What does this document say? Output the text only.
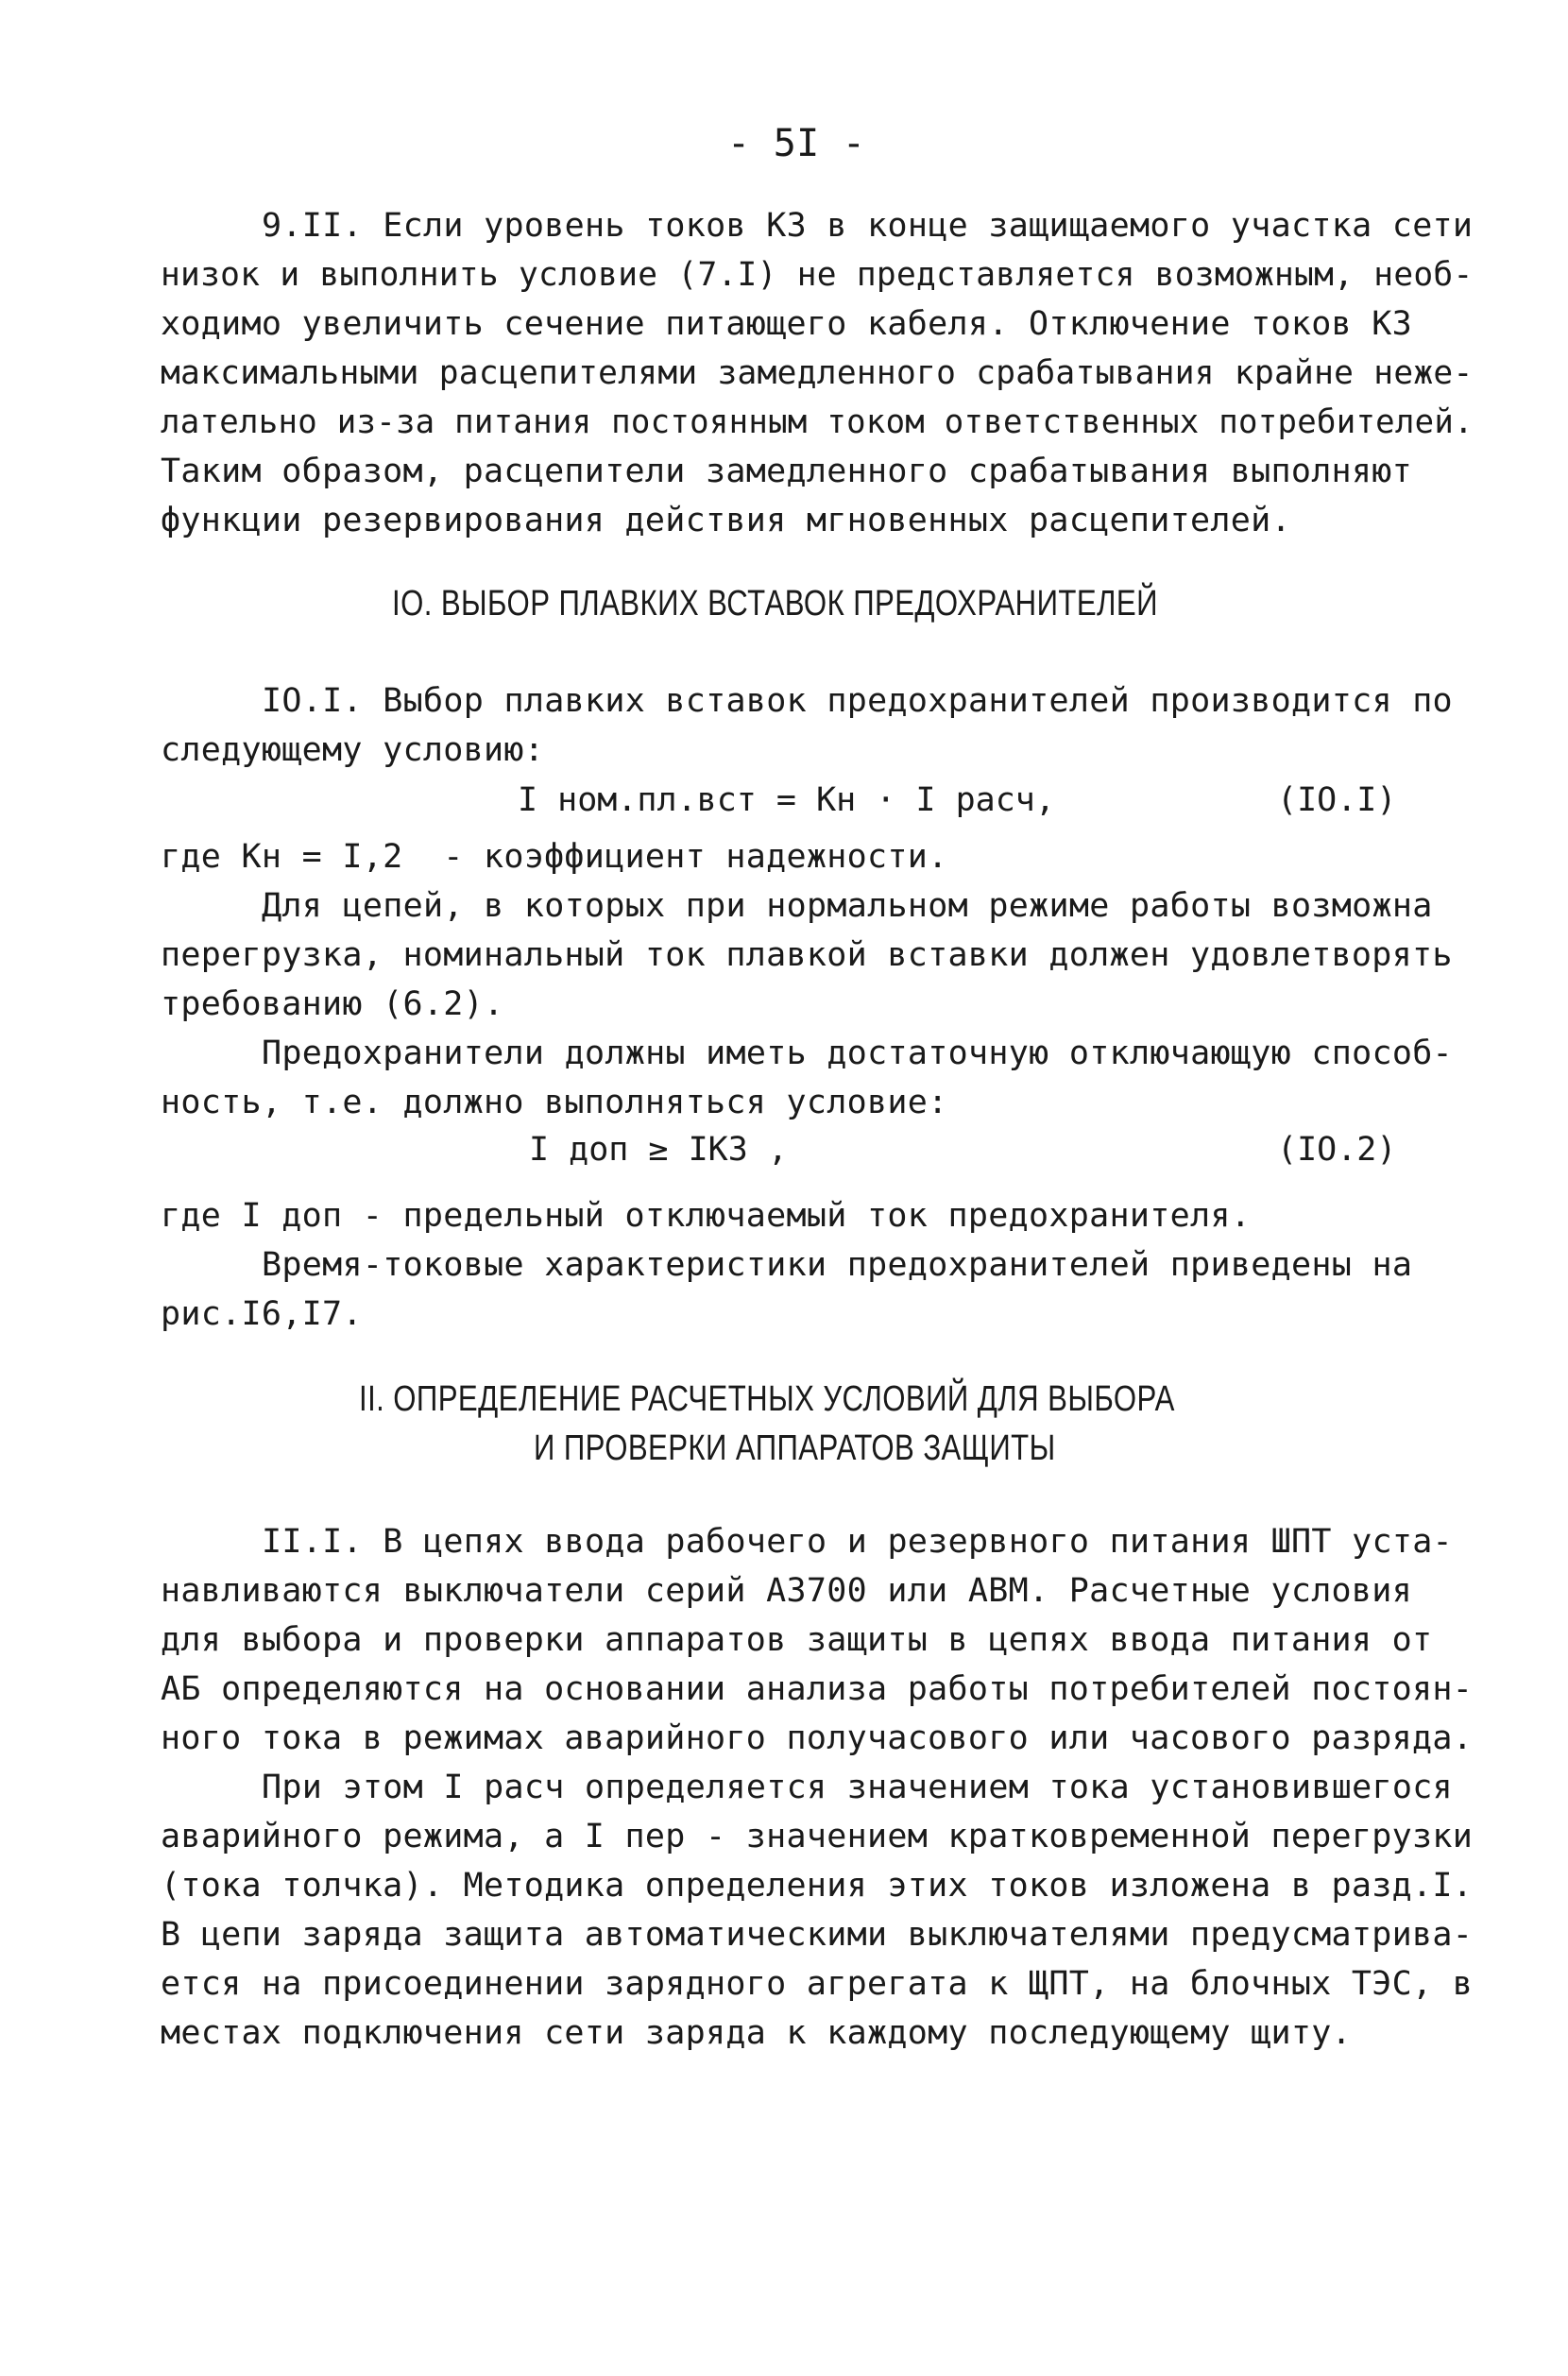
- 5I -
9.II. Если уровень токов КЗ в конце защищаемого участка сети
низок и выполнить условие (7.I) не представляется возможным, необ-
ходимо увеличить сечение питающего кабеля. Отключение токов КЗ
максимальными расцепителями замедленного срабатывания крайне неже-
лательно из-за питания постоянным током ответственных потребителей.
Таким образом, расцепители замедленного срабатывания выполняют
функции резервирования действия мгновенных расцепителей.
IO. ВЫБОР ПЛАВКИХ ВСТАВОК ПРЕДОХРАНИТЕЛЕЙ
IO.I. Выбор плавких вставок предохранителей производится по
следующему условию:
I ном.пл.вст = Кн · I расч,	(IO.I)
где Кн = I,2  - коэффициент надежности.
Для цепей, в которых при нормальном режиме работы возможна
перегрузка, номинальный ток плавкой вставки должен удовлетворять
требованию (6.2).
Предохранители должны иметь достаточную отключающую способ-
ность, т.е. должно выполняться условие:
I доп ≥ IКЗ ,	(IO.2)
где I доп - предельный отключаемый ток предохранителя.
Время-токовые характеристики предохранителей приведены на
рис.I6,I7.
II. ОПРЕДЕЛЕНИЕ РАСЧЕТНЫХ УСЛОВИЙ ДЛЯ ВЫБОРА
И ПРОВЕРКИ АППАРАТОВ ЗАЩИТЫ
II.I. В цепях ввода рабочего и резервного питания ШПТ уста-
навливаются выключатели серий А3700 или АВМ. Расчетные условия
для выбора и проверки аппаратов защиты в цепях ввода питания от
АБ определяются на основании анализа работы потребителей постоян-
ного тока в режимах аварийного получасового или часового разряда.
При этом I расч определяется значением тока установившегося
аварийного режима, а I пер - значением кратковременной перегрузки
(тока толчка). Методика определения этих токов изложена в разд.I.
В цепи заряда защита автоматическими выключателями предусматрива-
ется на присоединении зарядного агрегата к ЩПТ, на блочных ТЭС, в
местах подключения сети заряда к каждому последующему щиту.
